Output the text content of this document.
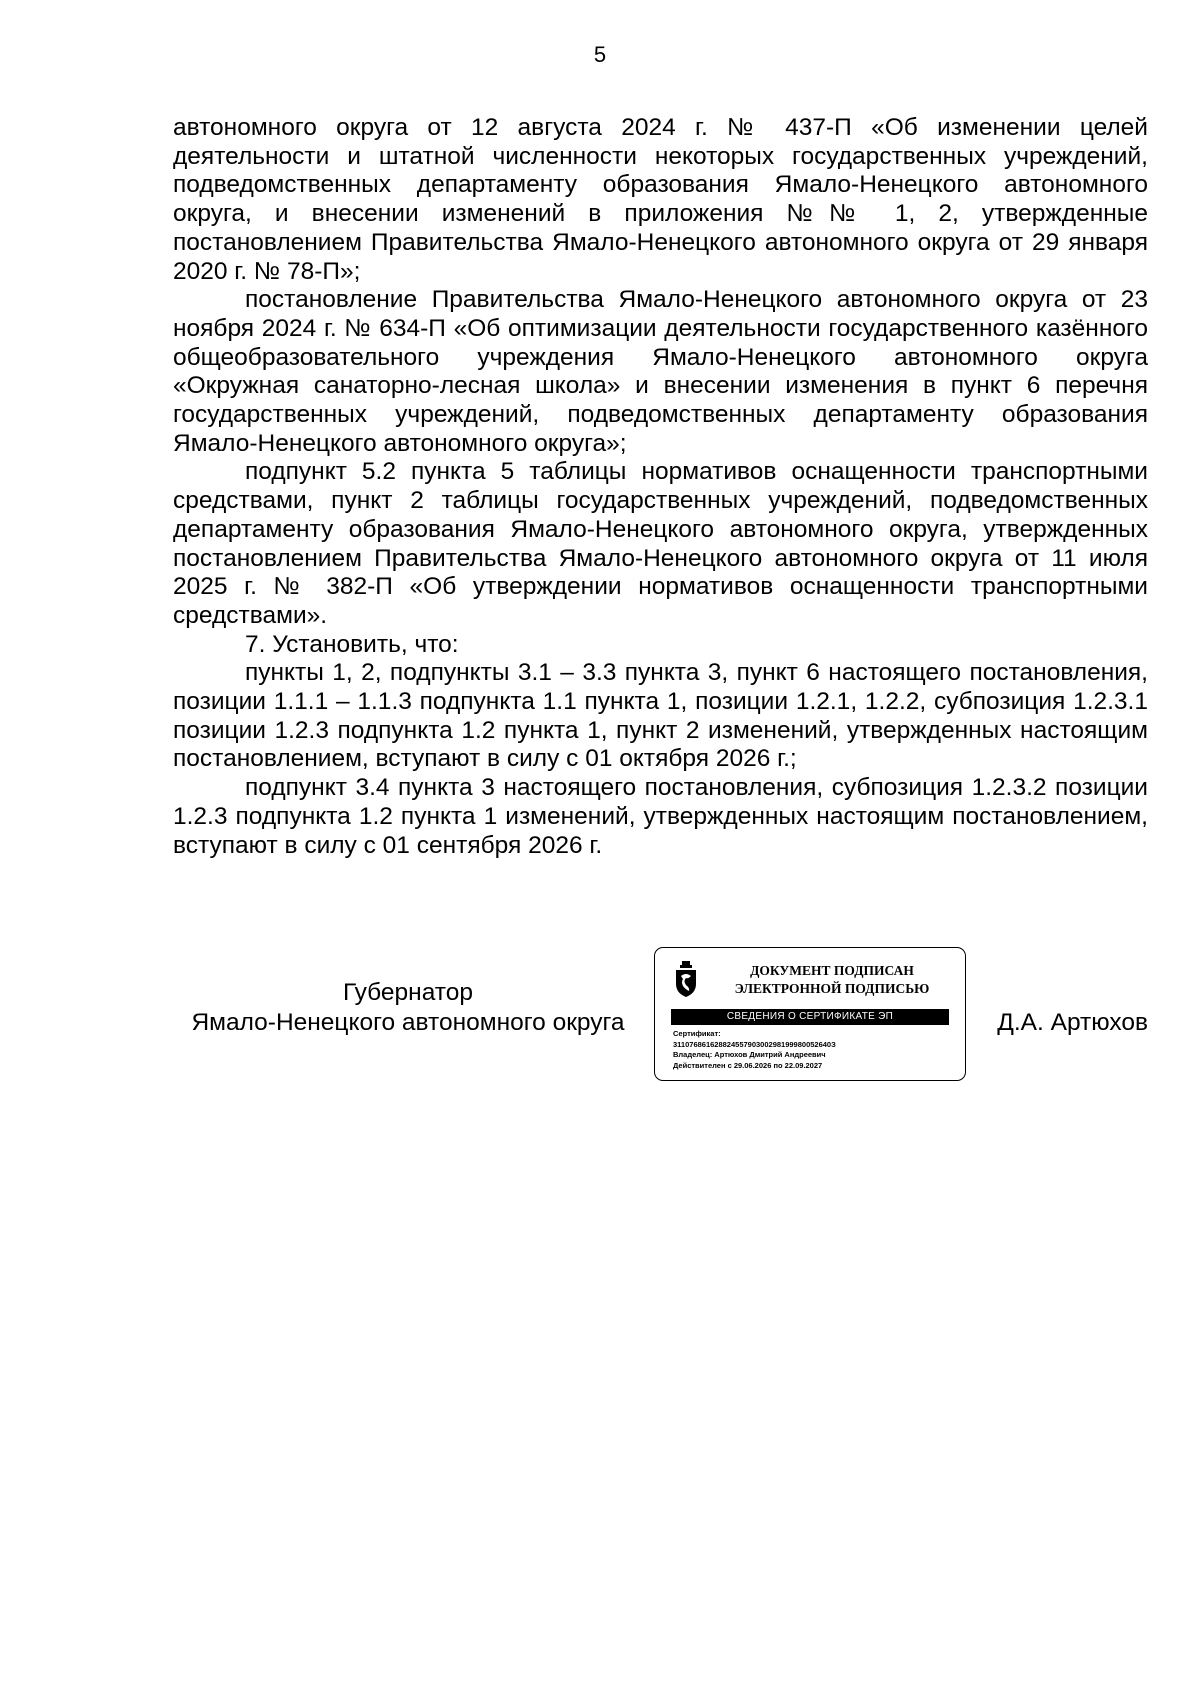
5

автономного округа от 12 августа 2024 г. № 437-П «Об изменении целей деятельности и штатной численности некоторых государственных учреждений, подведомственных департаменту образования Ямало-Ненецкого автономного округа, и внесении изменений в приложения №№ 1, 2, утвержденные постановлением Правительства Ямало-Ненецкого автономного округа от 29 января 2020 г. № 78-П»;

постановление Правительства Ямало-Ненецкого автономного округа от 23 ноября 2024 г. № 634-П «Об оптимизации деятельности государственного казённого общеобразовательного учреждения Ямало-Ненецкого автономного округа «Окружная санаторно-лесная школа» и внесении изменения в пункт 6 перечня государственных учреждений, подведомственных департаменту образования Ямало-Ненецкого автономного округа»;

подпункт 5.2 пункта 5 таблицы нормативов оснащенности транспортными средствами, пункт 2 таблицы государственных учреждений, подведомственных департаменту образования Ямало-Ненецкого автономного округа, утвержденных постановлением Правительства Ямало-Ненецкого автономного округа от 11 июля 2025 г. № 382-П «Об утверждении нормативов оснащенности транспортными средствами».

7. Установить, что:

пункты 1, 2, подпункты 3.1 – 3.3 пункта 3, пункт 6 настоящего постановления, позиции 1.1.1 – 1.1.3 подпункта 1.1 пункта 1, позиции 1.2.1, 1.2.2, субпозиция 1.2.3.1 позиции 1.2.3 подпункта 1.2 пункта 1, пункт 2 изменений, утвержденных настоящим постановлением, вступают в силу с 01 октября 2026 г.;

подпункт 3.4 пункта 3 настоящего постановления, субпозиция 1.2.3.2 позиции 1.2.3 подпункта 1.2 пункта 1 изменений, утвержденных настоящим постановлением, вступают в силу с 01 сентября 2026 г.

Губернатор
Ямало-Ненецкого автономного округа
ДОКУМЕНТ ПОДПИСАН
ЭЛЕКТРОННОЙ ПОДПИСЬЮ
СВЕДЕНИЯ О СЕРТИФИКАТЕ ЭП
Сертификат:
31107686162882455790300298199980052640З
Владелец: Артюхов Дмитрий Андреевич
Действителен с 29.06.2026 по 22.09.2027
Д.А. Артюхов
